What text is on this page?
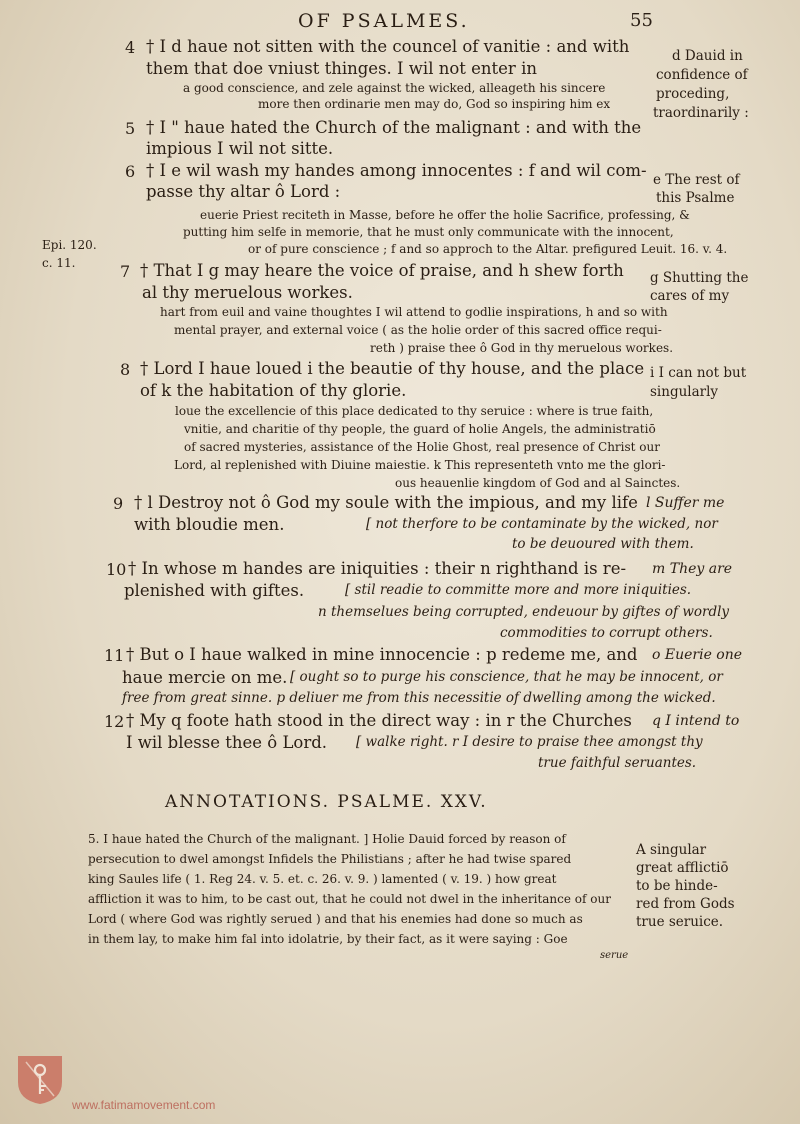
OF PSALMES.	55
4 † I d haue not sitten with the councel of vanitie : and with
them that doe vniust thinges. I wil not enter in
a good conscience, and zele against the wicked, alleageth his sincere
more then ordinarie men may do, God so inspiring him ex
d Dauid in
confidence of
proceding,
traordinarily :
5 † I " haue hated the Church of the malignant : and with the
impious I wil not sitte.
6 † I e wil wash my handes among innocentes : f and wil com-
passe thy altar ô Lord :
e The rest of
this Psalme
euerie Priest reciteth in Masse, before he offer the holie Sacrifice, professing, &
putting him selfe in memorie, that he must only communicate with the innocent,
or of pure conscience ; f and so approch to the Altar. prefigured Leuit. 16. v. 4.
Epi. 120.
c. 11.	7 † That I g may heare the voice of praise, and h shew forth
al thy meruelous workes.
g Shutting the
cares of my
hart from euil and vaine thoughtes I wil attend to godlie inspirations, h and so with
mental prayer, and external voice ( as the holie order of this sacred office requi-
reth ) praise thee ô God in thy meruelous workes.
8 † Lord I haue loued i the beautie of thy house, and the place
of k the habitation of thy glorie.
i I can not but
singularly
loue the excellencie of this place dedicated to thy seruice : where is true faith,
vnitie, and charitie of thy people, the guard of holie Angels, the administratiō
of sacred mysteries, assistance of the Holie Ghost, real presence of Christ our
Lord, al replenished with Diuine maiestie. k This representeth vnto me the glori-
ous heauenlie kingdom of God and al Sainctes.
9 † l Destroy not ô God my soule with the impious, and my life l Suffer me
with bloudie men.	[ not therfore to be contaminate by the wicked, nor
to be deuoured with them.
10 † In whose m handes are iniquities : their n righthand is re- m They are
plenished with giftes.	[ stil readie to committe more and more iniquities.
n themselues being corrupted, endeuour by giftes of wordly
commodities to corrupt others.
11 † But o I haue walked in mine innocencie : p redeme me, and o Euerie one
haue mercie on me. [ ought so to purge his conscience, that he may be innocent, or
free from great sinne. p deliuer me from this necessitie of dwelling among the wicked.
12 † My q foote hath stood in the direct way : in r the Churches q I intend to
I wil blesse thee ô Lord. [ walke right. r I desire to praise thee amongst thy
true faithful seruantes.
ANNOTATIONS. PSALME. XXV.
5. I haue hated the Church of the malignant. ] Holie Dauid forced by reason of
persecution to dwel amongst Infidels the Philistians ; after he had twise spared
king Saules life ( 1. Reg 24. v. 5. et. c. 26. v. 9. ) lamented ( v. 19. ) how great
affliction it was to him, to be cast out, that he could not dwel in the inheritance of our
Lord ( where God was rightly serued ) and that his enemies had done so much as
in them lay, to make him fal into idolatrie, by their fact, as it were saying : Goe
serue
A singular
great afflictiō
to be hinde-
red from Gods
true seruice.
www.fatimamovement.com
